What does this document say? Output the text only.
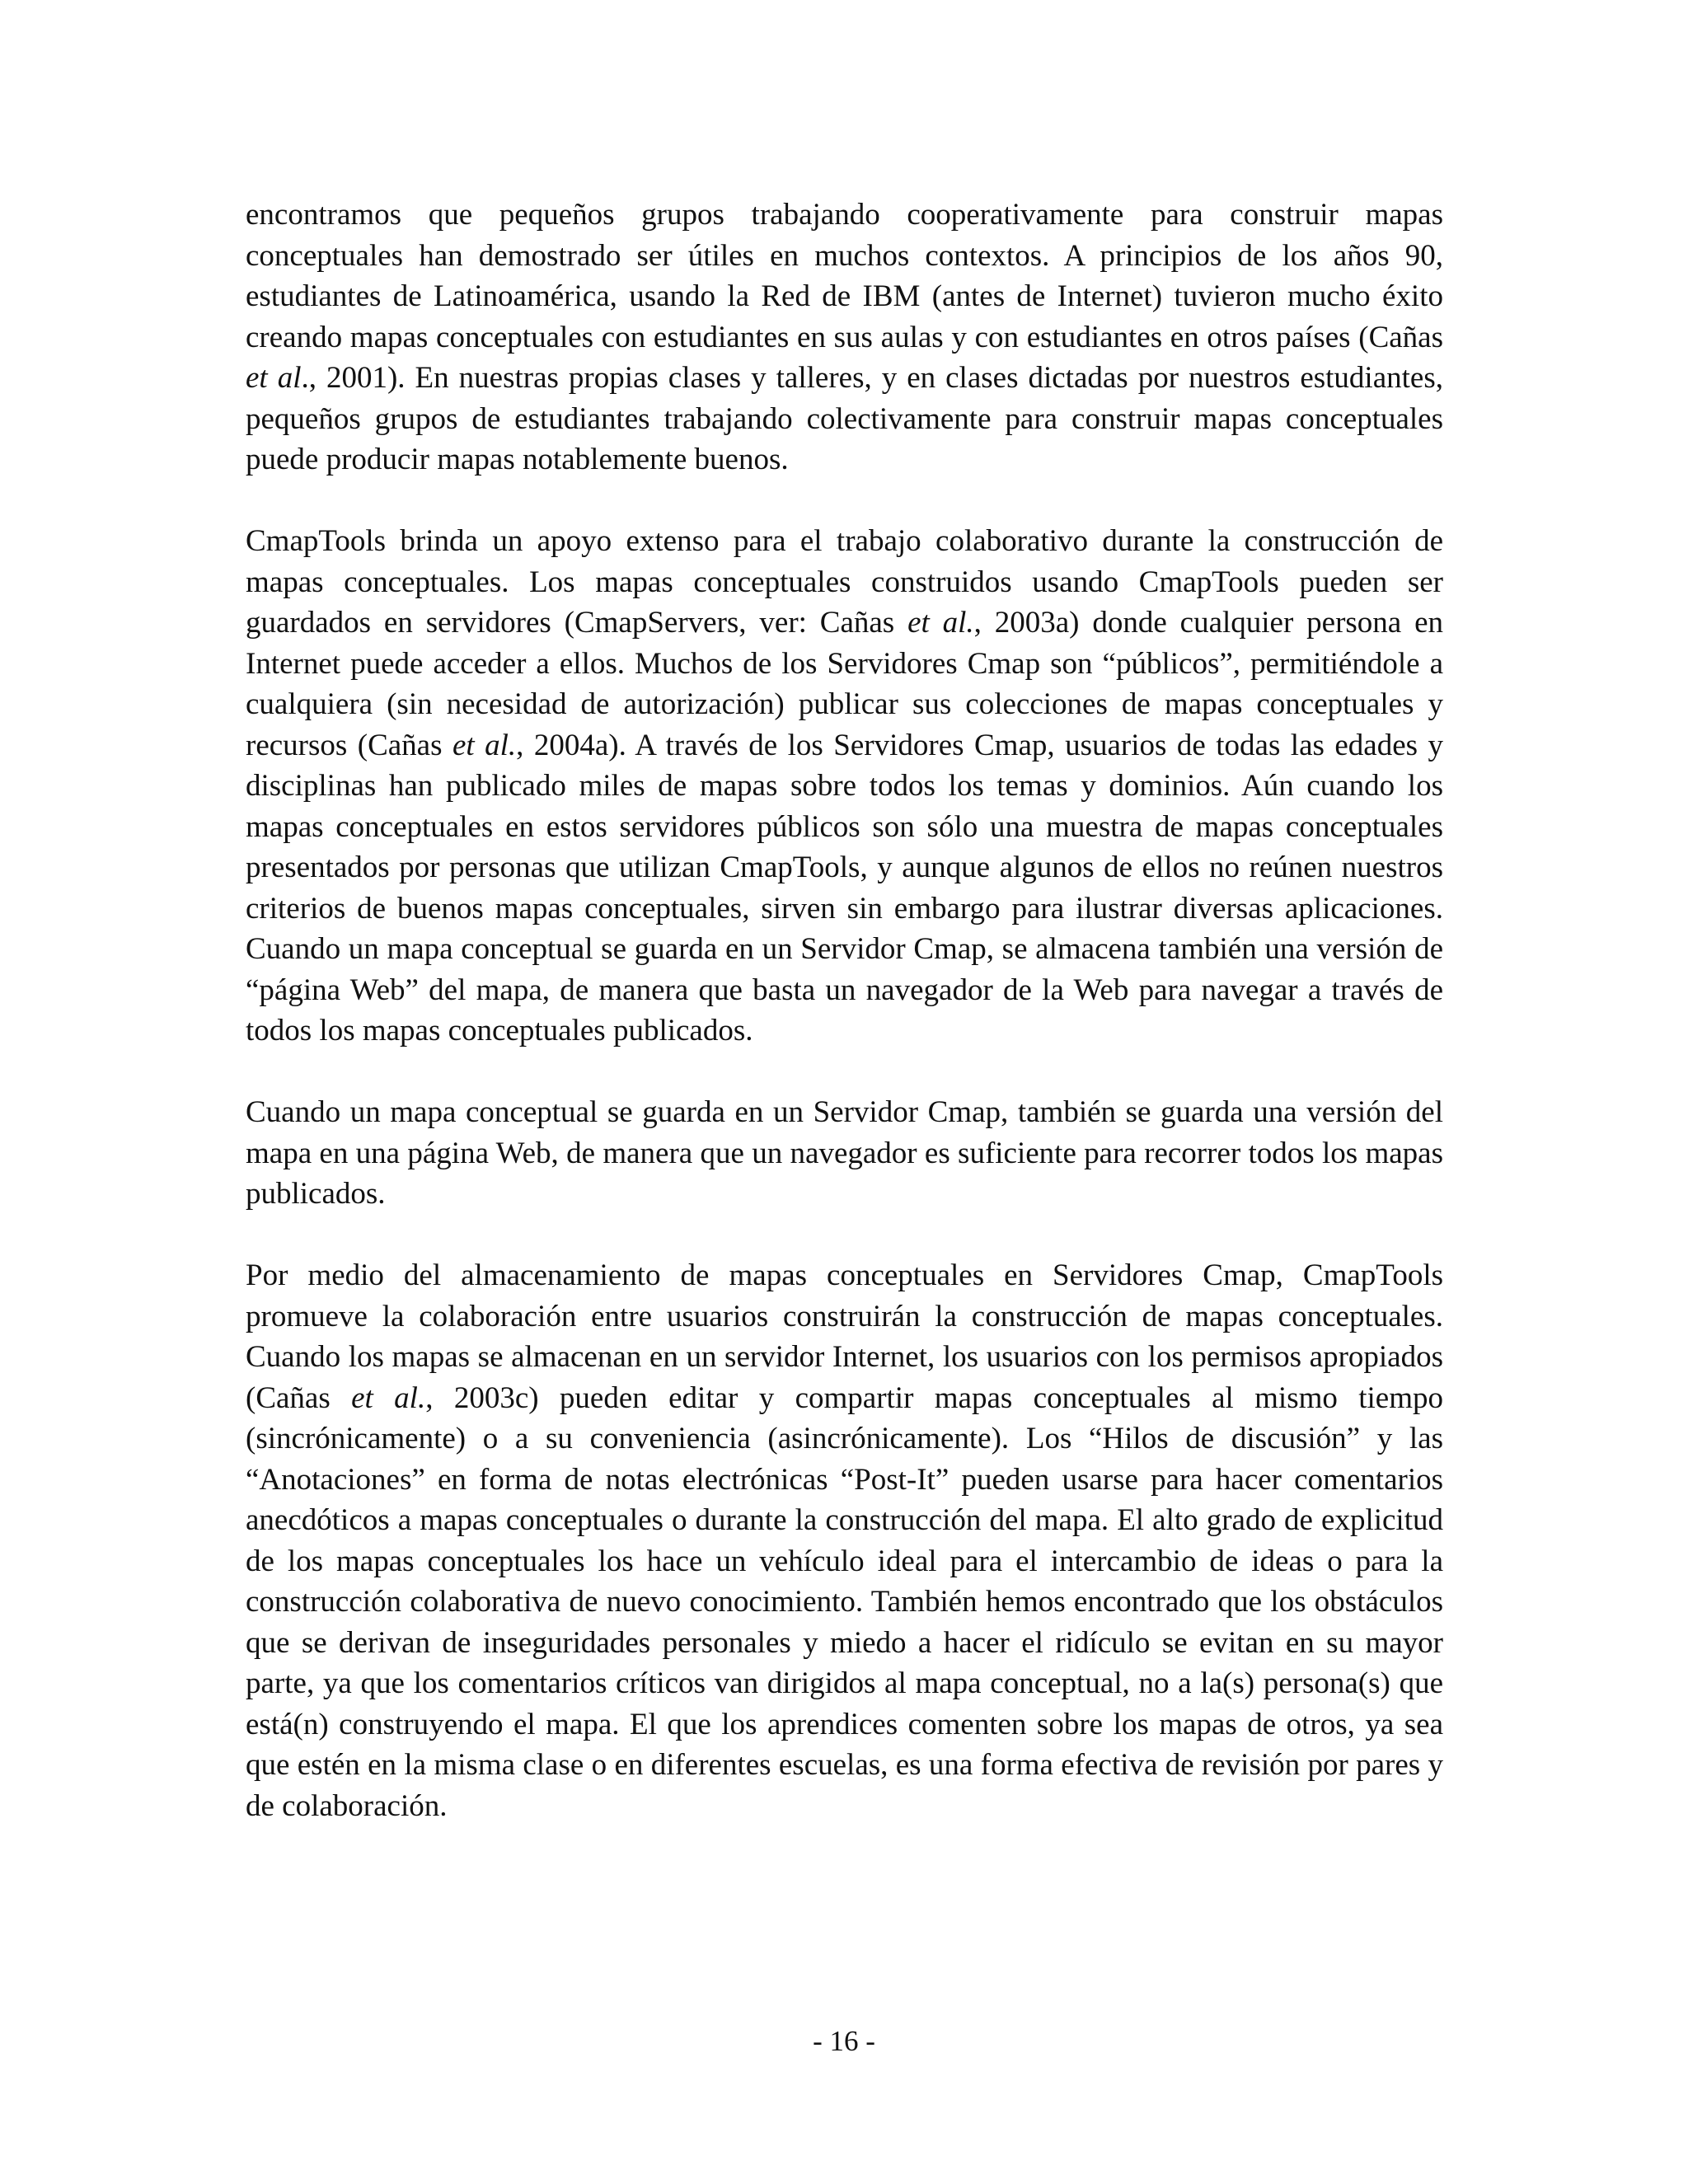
encontramos que pequeños grupos trabajando cooperativamente para construir mapas conceptuales han demostrado ser útiles en muchos contextos. A principios de los años 90, estudiantes de Latinoamérica, usando la Red de IBM (antes de Internet) tuvieron mucho éxito creando mapas conceptuales con estudiantes en sus aulas y con estudiantes en otros países (Cañas et al., 2001). En nuestras propias clases y talleres, y en clases dictadas por nuestros estudiantes, pequeños grupos de estudiantes trabajando colectivamente para construir mapas conceptuales puede producir mapas notablemente buenos.

CmapTools brinda un apoyo extenso para el trabajo colaborativo durante la construcción de mapas conceptuales. Los mapas conceptuales construidos usando CmapTools pueden ser guardados en servidores (CmapServers, ver: Cañas et al., 2003a) donde cualquier persona en Internet puede acceder a ellos. Muchos de los Servidores Cmap son “públicos”, permitiéndole a cualquiera (sin necesidad de autorización) publicar sus colecciones de mapas conceptuales y recursos (Cañas et al., 2004a). A través de los Servidores Cmap, usuarios de todas las edades y disciplinas han publicado miles de mapas sobre todos los temas y dominios. Aún cuando los mapas conceptuales en estos servidores públicos son sólo una muestra de mapas conceptuales presentados por personas que utilizan CmapTools, y aunque algunos de ellos no reúnen nuestros criterios de buenos mapas conceptuales, sirven sin embargo para ilustrar diversas aplicaciones. Cuando un mapa conceptual se guarda en un Servidor Cmap, se almacena también una versión de “página Web” del mapa, de manera que basta un navegador de la Web para navegar a través de todos los mapas conceptuales publicados.

Cuando un mapa conceptual se guarda en un Servidor Cmap, también se guarda una versión del mapa en una página Web, de manera que un navegador es suficiente para recorrer todos los mapas publicados.

Por medio del almacenamiento de mapas conceptuales en Servidores Cmap, CmapTools promueve la colaboración entre usuarios construirán la construcción de mapas conceptuales. Cuando los mapas se almacenan en un servidor Internet, los usuarios con los permisos apropiados (Cañas et al., 2003c) pueden editar y compartir mapas conceptuales al mismo tiempo (sincrónicamente) o a su conveniencia (asincrónicamente). Los “Hilos de discusión” y las “Anotaciones” en forma de notas electrónicas “Post-It” pueden usarse para hacer comentarios anecdóticos a mapas conceptuales o durante la construcción del mapa. El alto grado de explicitud de los mapas conceptuales los hace un vehículo ideal para el intercambio de ideas o para la construcción colaborativa de nuevo conocimiento. También hemos encontrado que los obstáculos que se derivan de inseguridades personales y miedo a hacer el ridículo se evitan en su mayor parte, ya que los comentarios críticos van dirigidos al mapa conceptual, no a la(s) persona(s) que está(n) construyendo el mapa. El que los aprendices comenten sobre los mapas de otros, ya sea que estén en la misma clase o en diferentes escuelas, es una forma efectiva de revisión por pares y de colaboración.

- 16 -
